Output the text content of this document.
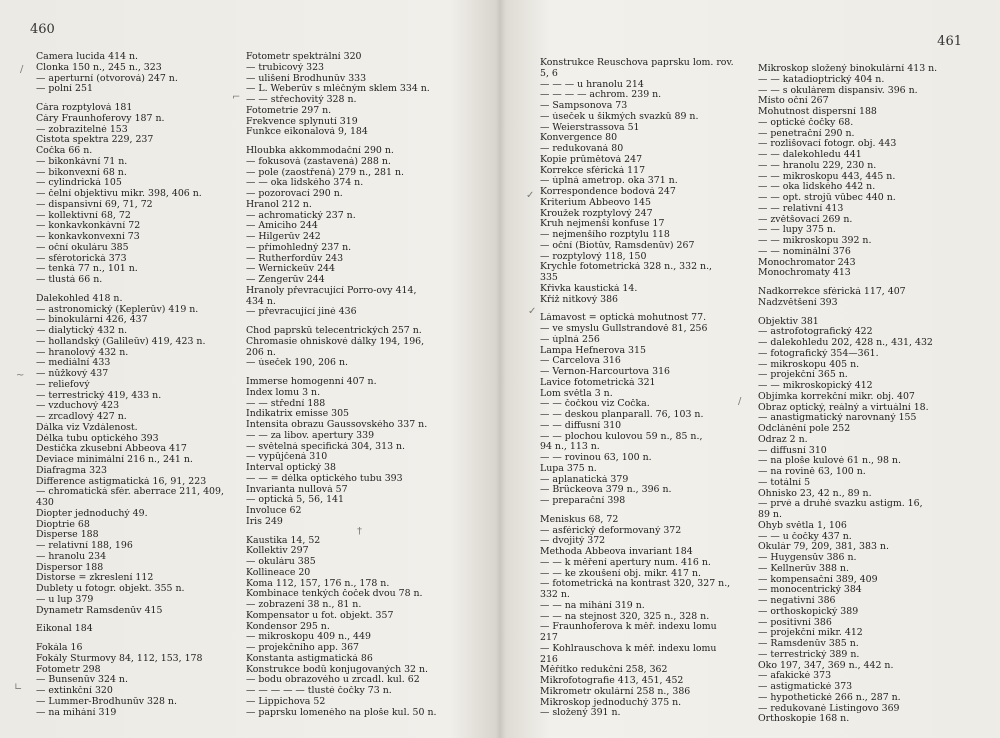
460
Camera lucida 414 n.
Clonka 150 n., 245 n., 323
— aperturní (otvorová) 247 n.
— polní 251
Čára rozptylová 181
Čáry Fraunhoferovy 187 n.
— zobrazitelné 153
Čistota spektra 229, 237
Čočka 66 n.
— bikonkávní 71 n.
— bikonvexní 68 n.
— cylindrická 105
— čelní objektivu mikr. 398, 406 n.
— dispansivní 69, 71, 72
— kollektivní 68, 72
— konkavkonkávní 72
— konkavkonvexní 73
— oční okuláru 385
— sférotorická 373
— tenká 77 n., 101 n.
— tlustá 66 n.
Dalekohled 418 n.
— astronomický (Keplerův) 419 n.
— binokulární 426, 437
— dialytický 432 n.
— hollandský (Galileův) 419, 423 n.
— hranolový 432 n.
— mediální 433
— nůžkový 437
— reliefový
— terrestrický 419, 433 n.
— vzduchový 423
— zrcadlový 427 n.
Dálka viz Vzdálenost.
Délka tubu optického 393
Destička zkusební Abbeova 417
Deviace minimální 216 n., 241 n.
Diafragma 323
Difference astigmatická 16, 91, 223
— chromatická sfér. aberrace 211, 409,
430
Diopter jednoduchý 49.
Dioptrie 68
Disperse 188
— relativní 188, 196
— hranolu 234
Dispersor 188
Distorse = zkreslení 112
Dublety u fotogr. objekt. 355 n.
— u lup 379
Dynametr Ramsdenův 415
Eikonal 184
Fokála 16
Fokály Sturmovy 84, 112, 153, 178
Fotometr 298
— Bunsenův 324 n.
— extinkční 320
— Lummer-Brodhunův 328 n.
— na mihání 319
Fotometr spektrální 320
— trubicový 323
— ulišení Brodhunův 333
— L. Weberův s mléčným sklem 334 n.
— — střechovitý 328 n.
Fotometrie 297 n.
Frekvence splynutí 319
Funkce eikonalová 9, 184
Hloubka akkommodační 290 n.
— fokusová (zastavená) 288 n.
— pole (zaostřená) 279 n., 281 n.
— — oka lidského 374 n.
— pozorovací 290 n.
Hranol 212 n.
— achromatický 237 n.
— Amiciho 244
— Hilgerův 242
— přímohledný 237 n.
— Rutherfordův 243
— Wernickeův 244
— Zengerův 244
Hranoly převracující Porro-ovy 414,
434 n.
— převracující jiné 436
Chod paprsků telecentrických 257 n.
Chromasie ohniskové dálky 194, 196,
206 n.
— úseček 190, 206 n.
Immerse homogenní 407 n.
Index lomu 3 n.
— — střední 188
Indikatrix emisse 305
Intensita obrazu Gaussovského 337 n.
— — za libov. apertury 339
— světelná specifická 304, 313 n.
— vypůjčená 310
Interval optický 38
— — = délka optického tubu 393
Invarianta nullová 57
— optická 5, 56, 141
Involuce 62
Iris 249
Kaustika 14, 52
Kollektiv 297
— okuláru 385
Kollineace 20
Koma 112, 157, 176 n., 178 n.
Kombinace tenkých čoček dvou 78 n.
— zobrazení 38 n., 81 n.
Kompensator u fot. objekt. 357
Kondensor 295 n.
— mikroskopu 409 n., 449
— projekčního app. 367
Konstanta astigmatická 86
Konstrukce bodů konjugovaných 32 n.
— bodu obrazového u zrcadl. kul. 62
— — — — — tlusté čočky 73 n.
— Lippichova 52
— paprsku lomeného na ploše kul. 50 n.
/
~
∟
⌐
†
461
Konstrukce Reuschova paprsku lom. rov.
5, 6
— — — u hranolu 214
— — — — achrom. 239 n.
— Sampsonova 73
— úseček u šikmých svazků 89 n.
— Weierstrassova 51
Konvergence 80
— redukovaná 80
Kopie průmětová 247
Korrekce sférická 117
— úplná ametrop. oka 371 n.
Korrespondence bodová 247
Kriterium Abbeovo 145
Kroužek rozptylový 247
Kruh nejmenší konfuse 17
— nejmenšího rozptylu 118
— oční (Biotův, Ramsdenův) 267
— rozptylový 118, 150
Krychle fotometrická 328 n., 332 n.,
335
Křivka kaustická 14.
Kříž nitkový 386
Lámavost = optická mohutnost 77.
— ve smyslu Gullstrandově 81, 256
— úplná 256
Lampa Hefnerova 315
— Carcelova 316
— Vernon-Harcourtova 316
Lavice fotometrická 321
Lom světla 3 n.
— — čočkou viz Čočka.
— — deskou planparall. 76, 103 n.
— — diffusní 310
— — plochou kulovou 59 n., 85 n.,
94 n., 113 n.
— — rovinou 63, 100 n.
Lupa 375 n.
— aplanatická 379
— Brückeova 379 n., 396 n.
— preparační 398
Meniskus 68, 72
— asférický deformovaný 372
— dvojitý 372
Methoda Abbeova invariant 184
— — k měření apertury num. 416 n.
— — ke zkoušení obj. mikr. 417 n.
— fotometrická na kontrast 320, 327 n.,
332 n.
— — na mihání 319 n.
— — na stejnost 320, 325 n., 328 n.
— Fraunhoferova k měř. indexu lomu
217
— Kohlrauschova k měř. indexu lomu
216
Měřítko redukční 258, 362
Mikrofotografie 413, 451, 452
Mikrometr okulární 258 n., 386
Mikroskop jednoduchý 375 n.
— složený 391 n.
Mikroskop složený binokulární 413 n.
— — katadioptrický 404 n.
— — s okulárem dispansiv. 396 n.
Místo oční 267
Mohutnost dispersní 188
— optické čočky 68.
— penetrační 290 n.
— rozlišovací fotogr. obj. 443
— — dalekohledu 441
— — hranolu 229, 230 n.
— — mikroskopu 443, 445 n.
— — oka lidského 442 n.
— — opt. strojů vůbec 440 n.
— — relativní 413
— zvětšovací 269 n.
— — lupy 375 n.
— — mikroskopu 392 n.
— — nominální 376
Monochromator 243
Monochromaty 413
Nadkorrekce sférická 117, 407
Nadzvětšení 393
Objektiv 381
— astrofotografický 422
— dalekohledu 202, 428 n., 431, 432
— fotografický 354—361.
— mikroskopu 405 n.
— projekční 365 n.
— — mikroskopický 412
Objímka korrekční mikr. obj. 407
Obraz optický, reálný a virtuální 18.
— anastigmatický narovnaný 155
Odclánění pole 252
Odraz 2 n.
— diffusní 310
— na ploše kulové 61 n., 98 n.
— na rovině 63, 100 n.
— totální 5
Ohnisko 23, 42 n., 89 n.
— prvé a druhé svazku astigm. 16,
89 n.
Ohyb světla 1, 106
— — u čočky 437 n.
Okulár 79, 209, 381, 383 n.
— Huygensův 386 n.
— Kellnerův 388 n.
— kompensační 389, 409
— monocentrický 384
— negativní 386
— orthoskopický 389
— positivní 386
— projekční mikr. 412
— Ramsdenův 385 n.
— terrestrický 389 n.
Oko 197, 347, 369 n., 442 n.
— afakické 373
— astigmatické 373
— hypothetické 266 n., 287 n.
— redukované Listingovo 369
Orthoskopie 168 n.
✓
✓
/
